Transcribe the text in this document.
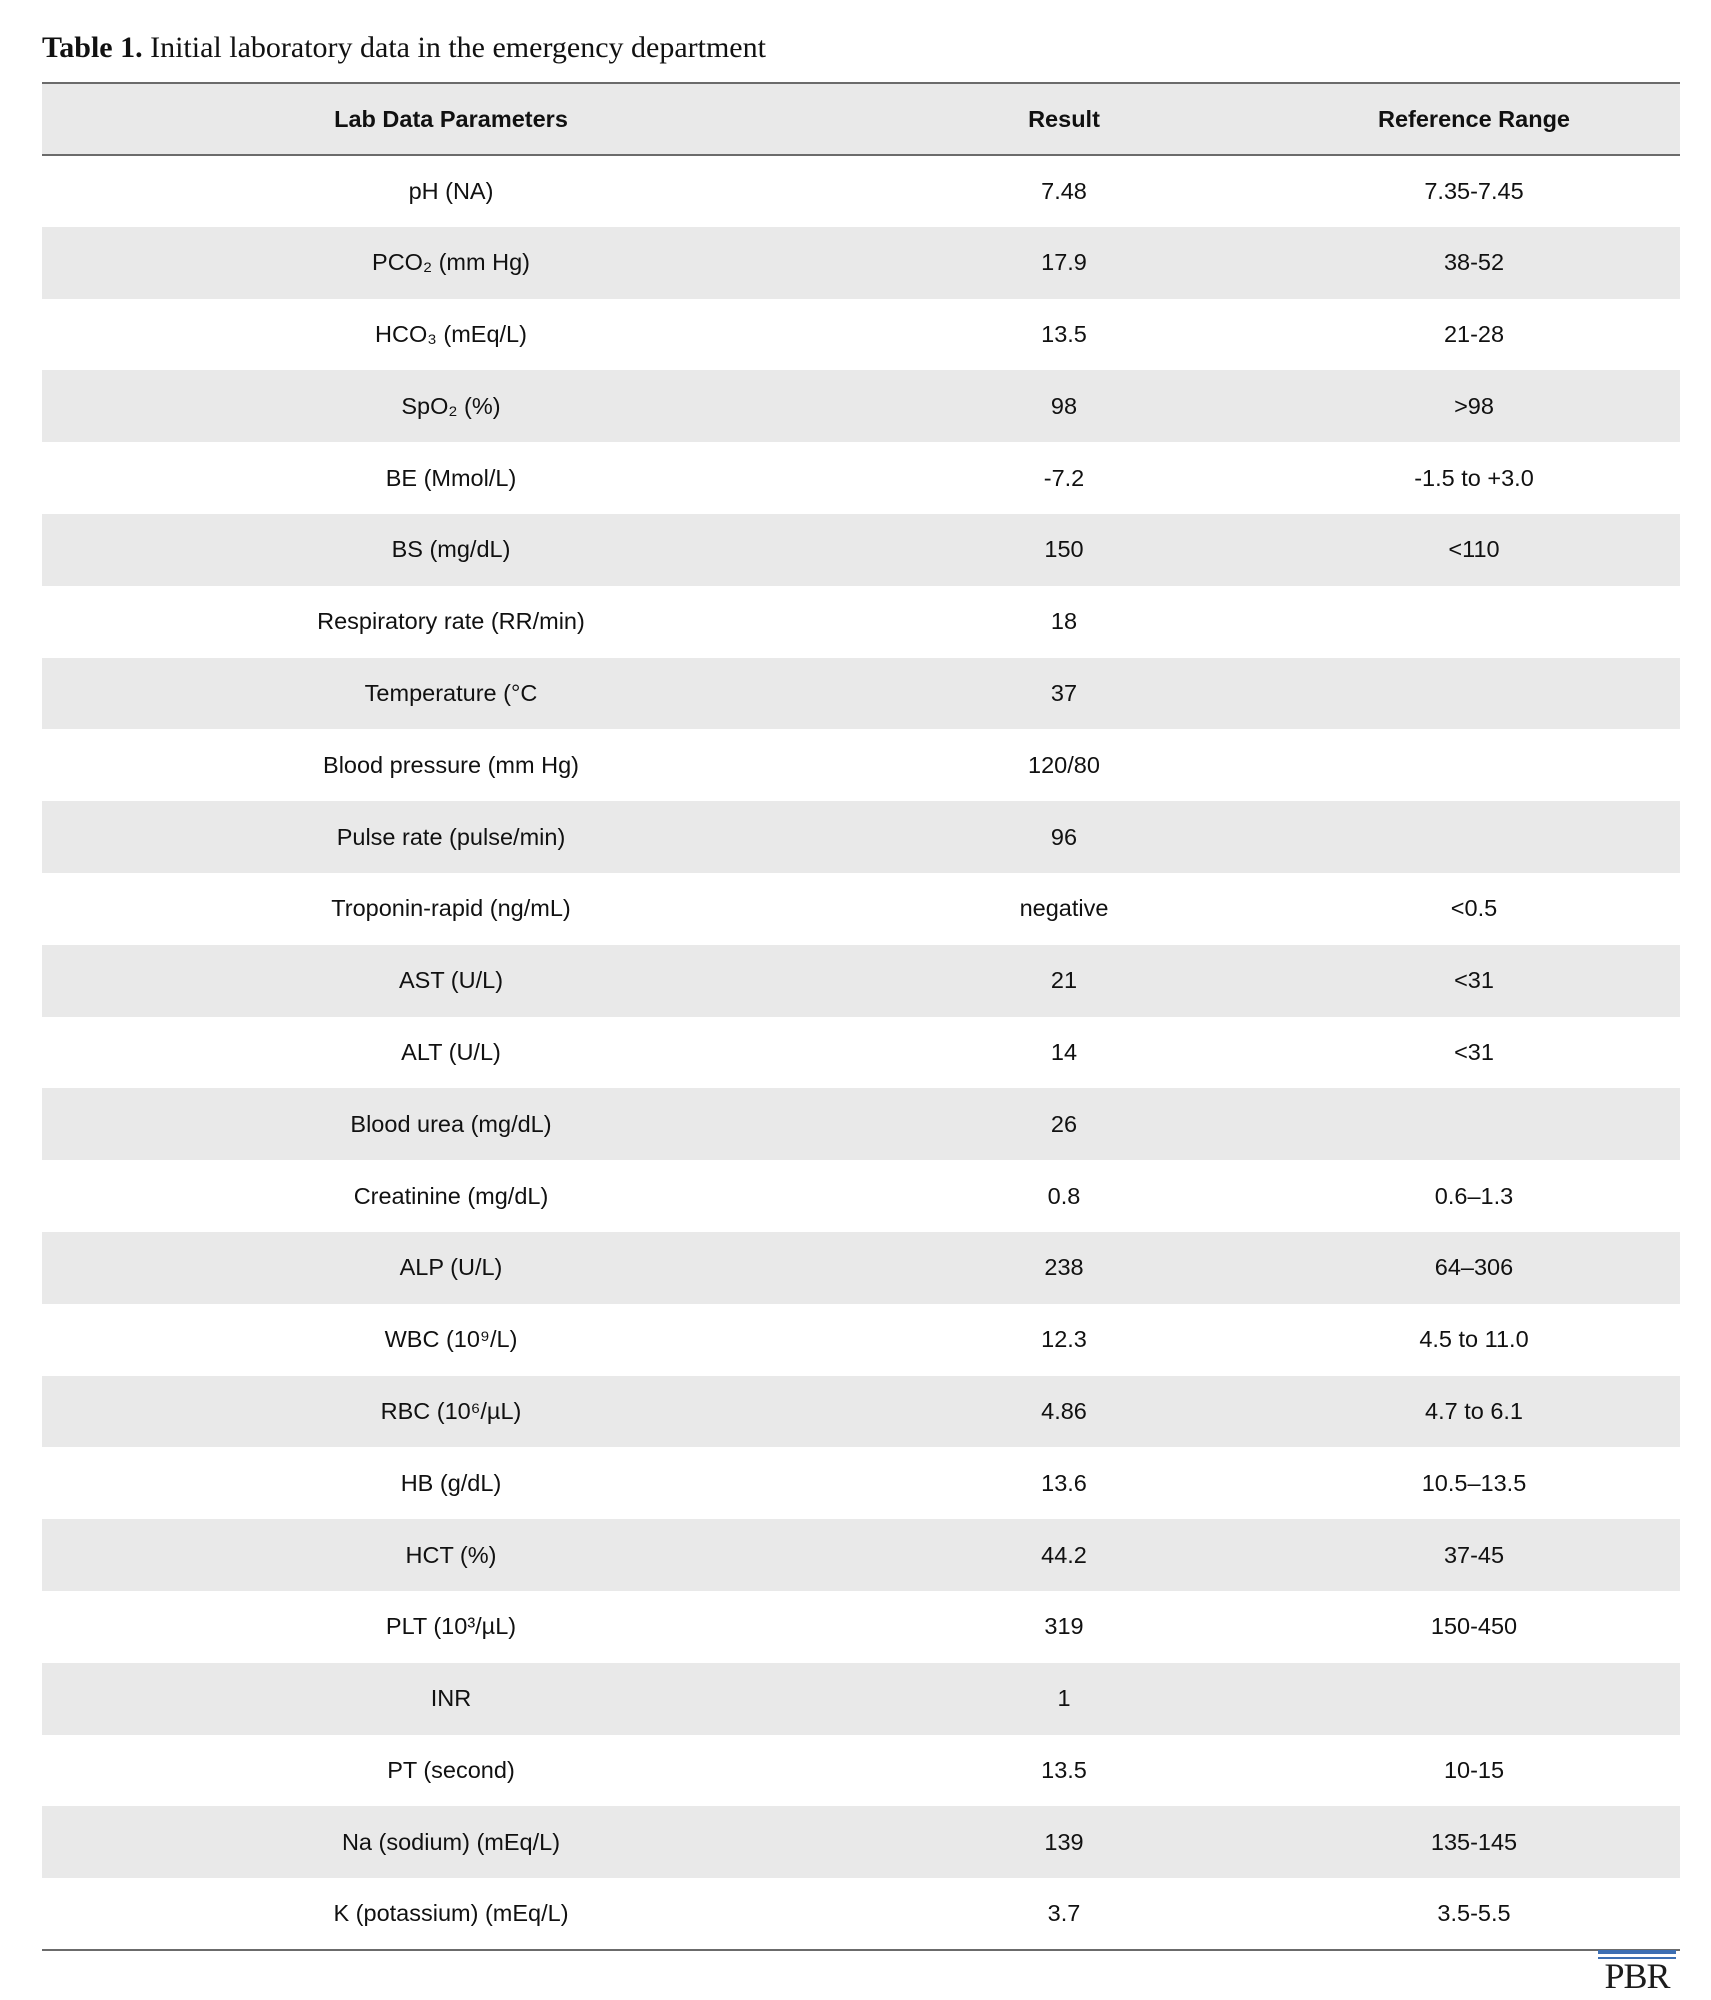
Table 1. Initial laboratory data in the emergency department
Lab Data Parameters	Result	Reference Range
pH (NA)	7.48	7.35-7.45
PCO₂ (mm Hg)	17.9	38-52
HCO₃ (mEq/L)	13.5	21-28
SpO₂ (%)	98	>98
BE (Mmol/L)	-7.2	-1.5 to +3.0
BS (mg/dL)	150	<110
Respiratory rate (RR/min)	18	
Temperature (°C	37	
Blood pressure (mm Hg)	120/80	
Pulse rate (pulse/min)	96	
Troponin-rapid (ng/mL)	negative	<0.5
AST (U/L)	21	<31
ALT (U/L)	14	<31
Blood urea (mg/dL)	26	
Creatinine (mg/dL)	0.8	0.6–1.3
ALP (U/L)	238	64–306
WBC (10⁹/L)	12.3	4.5 to 11.0
RBC (10⁶/µL)	4.86	4.7 to 6.1
HB (g/dL)	13.6	10.5–13.5
HCT (%)	44.2	37-45
PLT (10³/µL)	319	150-450
INR	1	
PT (second)	13.5	10-15
Na (sodium) (mEq/L)	139	135-145
K (potassium) (mEq/L)	3.7	3.5-5.5
PBR
